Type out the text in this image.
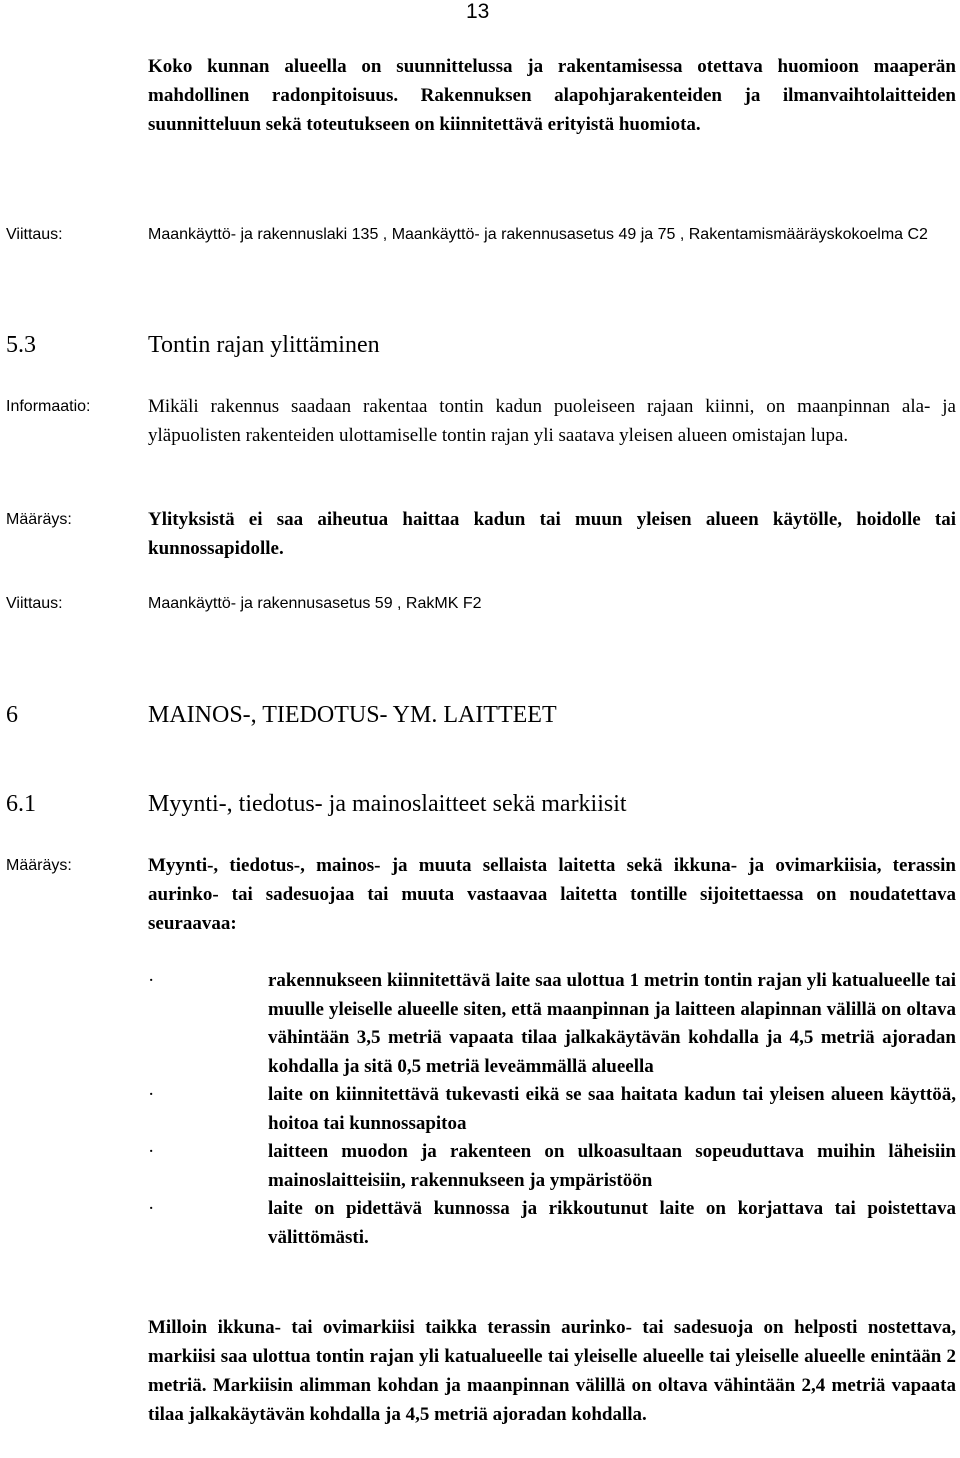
13
Koko kunnan alueella on suunnittelussa ja rakentamisessa otettava huomioon maaperän mahdollinen radonpitoisuus. Rakennuksen alapohjarakenteiden ja ilmanvaihtolaitteiden suunnitteluun sekä toteutukseen on kiinnitettävä erityistä huomiota.
Viittaus:	Maankäyttö- ja rakennuslaki 135 , Maankäyttö- ja rakennusasetus 49 ja 75 , Rakentamismääräyskokoelma C2
5.3	Tontin rajan ylittäminen
Informaatio:	Mikäli rakennus saadaan rakentaa tontin kadun puoleiseen rajaan kiinni, on maanpinnan ala- ja yläpuolisten rakenteiden ulottamiselle tontin rajan yli saatava yleisen alueen omistajan lupa.
Määräys:	Ylityksistä ei saa aiheutua haittaa kadun tai muun yleisen alueen käytölle, hoidolle tai kunnossapidolle.
Viittaus:	Maankäyttö- ja rakennusasetus 59 , RakMK F2
6	MAINOS-, TIEDOTUS- YM. LAITTEET
6.1	Myynti-, tiedotus- ja mainoslaitteet sekä markiisit
Määräys:	Myynti-, tiedotus-, mainos- ja muuta sellaista laitetta sekä ikkuna- ja ovimarkiisia, terassin aurinko- tai sadesuojaa tai muuta vastaavaa laitetta tontille sijoitettaessa on noudatettava seuraavaa:
·	rakennukseen kiinnitettävä laite saa ulottua 1 metrin tontin rajan yli katualueelle tai muulle yleiselle alueelle siten, että maanpinnan ja laitteen alapinnan välillä on oltava vähintään 3,5 metriä vapaata tilaa jalkakäytävän kohdalla ja 4,5 metriä ajoradan kohdalla ja sitä 0,5 metriä leveämmällä alueella
·	laite on kiinnitettävä tukevasti eikä se saa haitata kadun tai yleisen alueen käyttöä, hoitoa tai kunnossapitoa
·	laitteen muodon ja rakenteen on ulkoasultaan sopeuduttava muihin läheisiin mainoslaitteisiin, rakennukseen ja ympäristöön
·	laite on pidettävä kunnossa ja rikkoutunut laite on korjattava tai poistettava välittömästi.
Milloin ikkuna- tai ovimarkiisi taikka terassin aurinko- tai sadesuoja on helposti nostettava, markiisi saa ulottua tontin rajan yli katualueelle tai yleiselle alueelle tai yleiselle alueelle enintään 2 metriä. Markiisin alimman kohdan ja maanpinnan välillä on oltava vähintään 2,4 metriä vapaata tilaa jalkakäytävän kohdalla ja 4,5 metriä ajoradan kohdalla.
